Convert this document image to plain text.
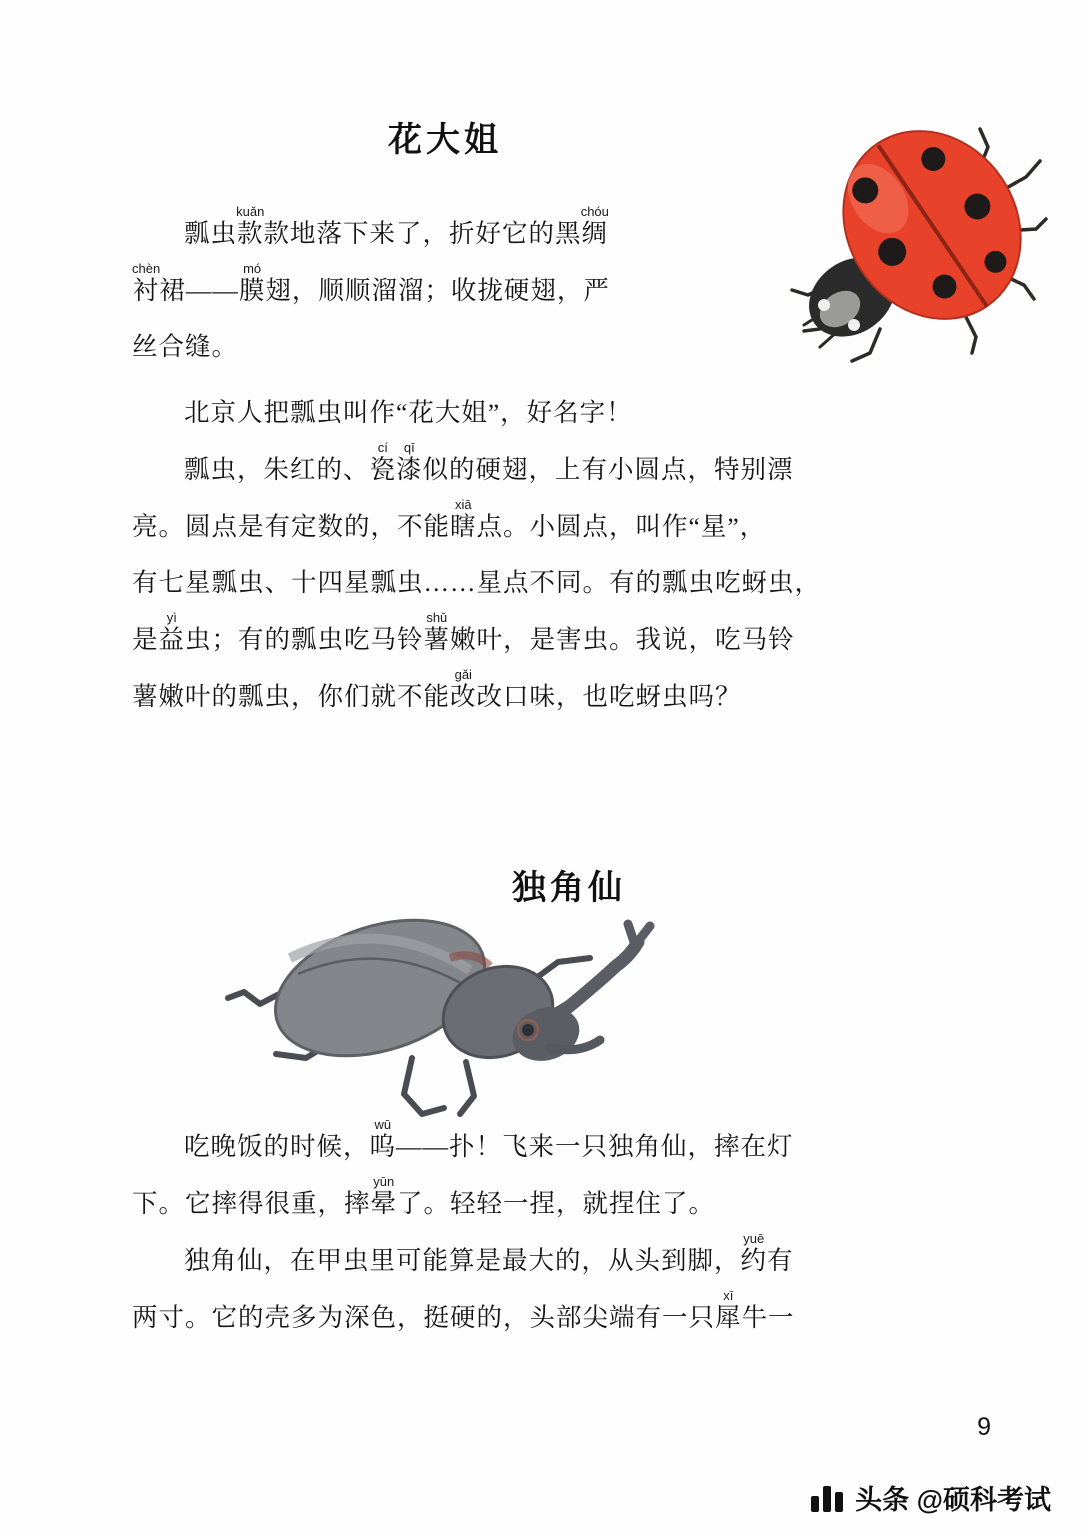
花大姐

瓢虫款kuǎn款地落下来了，折好它的黑绸chóu

衬chèn裙——膜mó翅，顺顺溜溜；收拢硬翅，严

丝合缝。

北京人把瓢虫叫作“花大姐”，好名字！

瓢虫，朱红的、瓷cí漆qī似的硬翅，上有小圆点，特别漂

亮。圆点是有定数的，不能瞎xiā点。小圆点，叫作“星”，

有七星瓢虫、十四星瓢虫……星点不同。有的瓢虫吃蚜虫，

是益yì虫；有的瓢虫吃马铃薯shǔ嫩叶，是害虫。我说，吃马铃

薯嫩叶的瓢虫，你们就不能改gǎi改口味，也吃蚜虫吗？

独角仙

吃晚饭的时候，呜wū——扑！飞来一只独角仙，摔在灯

下。它摔得很重，摔晕yūn了。轻轻一捏，就捏住了。

独角仙，在甲虫里可能算是最大的，从头到脚，约yuē有

两寸。它的壳多为深色，挺硬的，头部尖端有一只犀xī牛一

9
头条 @硕科考试
